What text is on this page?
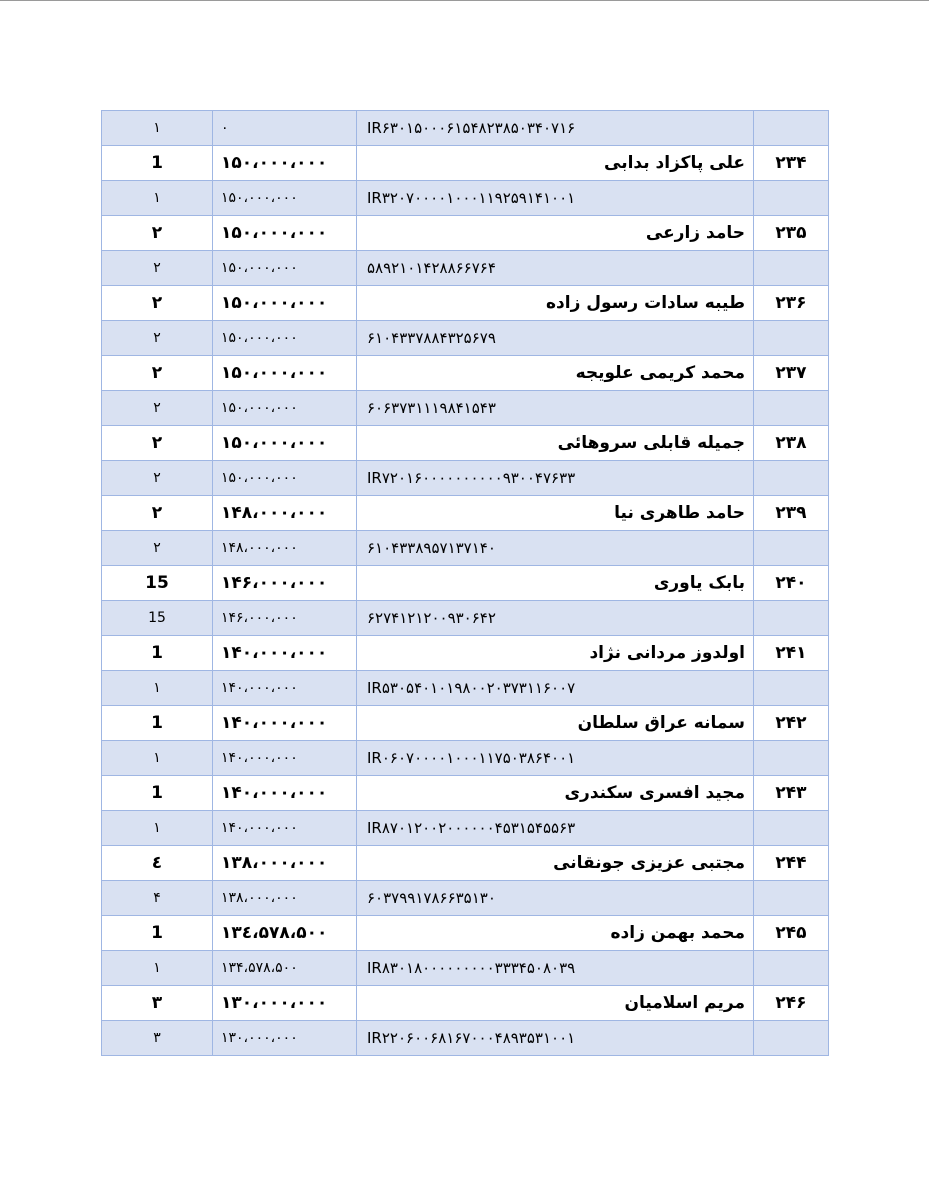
۱	۰	IR۶۳۰۱۵۰۰۰۶۱۵۴۸۲۳۸۵۰۳۴۰۷۱۶	
1	۱۵۰،۰۰۰،۰۰۰	علی پاکزاد بدابی	۲۳۴
۱	۱۵۰،۰۰۰،۰۰۰	IR۳۲۰۷۰۰۰۰۱۰۰۰۱۱۹۲۵۹۱۴۱۰۰۱	
۲	۱۵۰،۰۰۰،۰۰۰	حامد زارعی	۲۳۵
۲	۱۵۰،۰۰۰،۰۰۰	۵۸۹۲۱۰۱۴۲۸۸۶۶۷۶۴	
۲	۱۵۰،۰۰۰،۰۰۰	طیبه سادات رسول زاده	۲۳۶
۲	۱۵۰،۰۰۰،۰۰۰	۶۱۰۴۳۳۷۸۸۴۳۲۵۶۷۹	
۲	۱۵۰،۰۰۰،۰۰۰	محمد کریمی علویجه	۲۳۷
۲	۱۵۰،۰۰۰،۰۰۰	۶۰۶۳۷۳۱۱۱۹۸۴۱۵۴۳	
۲	۱۵۰،۰۰۰،۰۰۰	جمیله قابلی سروهائی	۲۳۸
۲	۱۵۰،۰۰۰،۰۰۰	IR۷۲۰۱۶۰۰۰۰۰۰۰۰۰۰۹۳۰۰۴۷۶۳۳	
۲	۱۴۸،۰۰۰،۰۰۰	حامد طاهری نیا	۲۳۹
۲	۱۴۸،۰۰۰،۰۰۰	۶۱۰۴۳۳۸۹۵۷۱۳۷۱۴۰	
15	۱۴۶،۰۰۰،۰۰۰	بابک یاوری	۲۴۰
15	۱۴۶،۰۰۰،۰۰۰	۶۲۷۴۱۲۱۲۰۰۹۳۰۶۴۲	
1	۱۴۰،۰۰۰،۰۰۰	اولدوز مردانی نژاد	۲۴۱
۱	۱۴۰،۰۰۰،۰۰۰	IR۵۳۰۵۴۰۱۰۱۹۸۰۰۲۰۳۷۳۱۱۶۰۰۷	
1	۱۴۰،۰۰۰،۰۰۰	سمانه عراق سلطان	۲۴۲
۱	۱۴۰،۰۰۰،۰۰۰	IR۰۶۰۷۰۰۰۰۱۰۰۰۱۱۷۵۰۳۸۶۴۰۰۱	
1	۱۴۰،۰۰۰،۰۰۰	مجید افسری سکندری	۲۴۳
۱	۱۴۰،۰۰۰،۰۰۰	IR۸۷۰۱۲۰۰۲۰۰۰۰۰۰۴۵۳۱۵۴۵۵۶۳	
٤	۱۳۸،۰۰۰،۰۰۰	مجتبی عزیزی جونقانی	۲۴۴
۴	۱۳۸،۰۰۰،۰۰۰	۶۰۳۷۹۹۱۷۸۶۶۳۵۱۳۰	
1	۱۳٤،۵۷۸،۵۰۰	محمد بهمن زاده	۲۴۵
۱	۱۳۴،۵۷۸،۵۰۰	IR۸۳۰۱۸۰۰۰۰۰۰۰۰۰۳۳۳۴۵۰۸۰۳۹	
۳	۱۳۰،۰۰۰،۰۰۰	مریم اسلامیان	۲۴۶
۳	۱۳۰،۰۰۰،۰۰۰	IR۲۲۰۶۰۰۶۸۱۶۷۰۰۰۴۸۹۳۵۳۱۰۰۱	
